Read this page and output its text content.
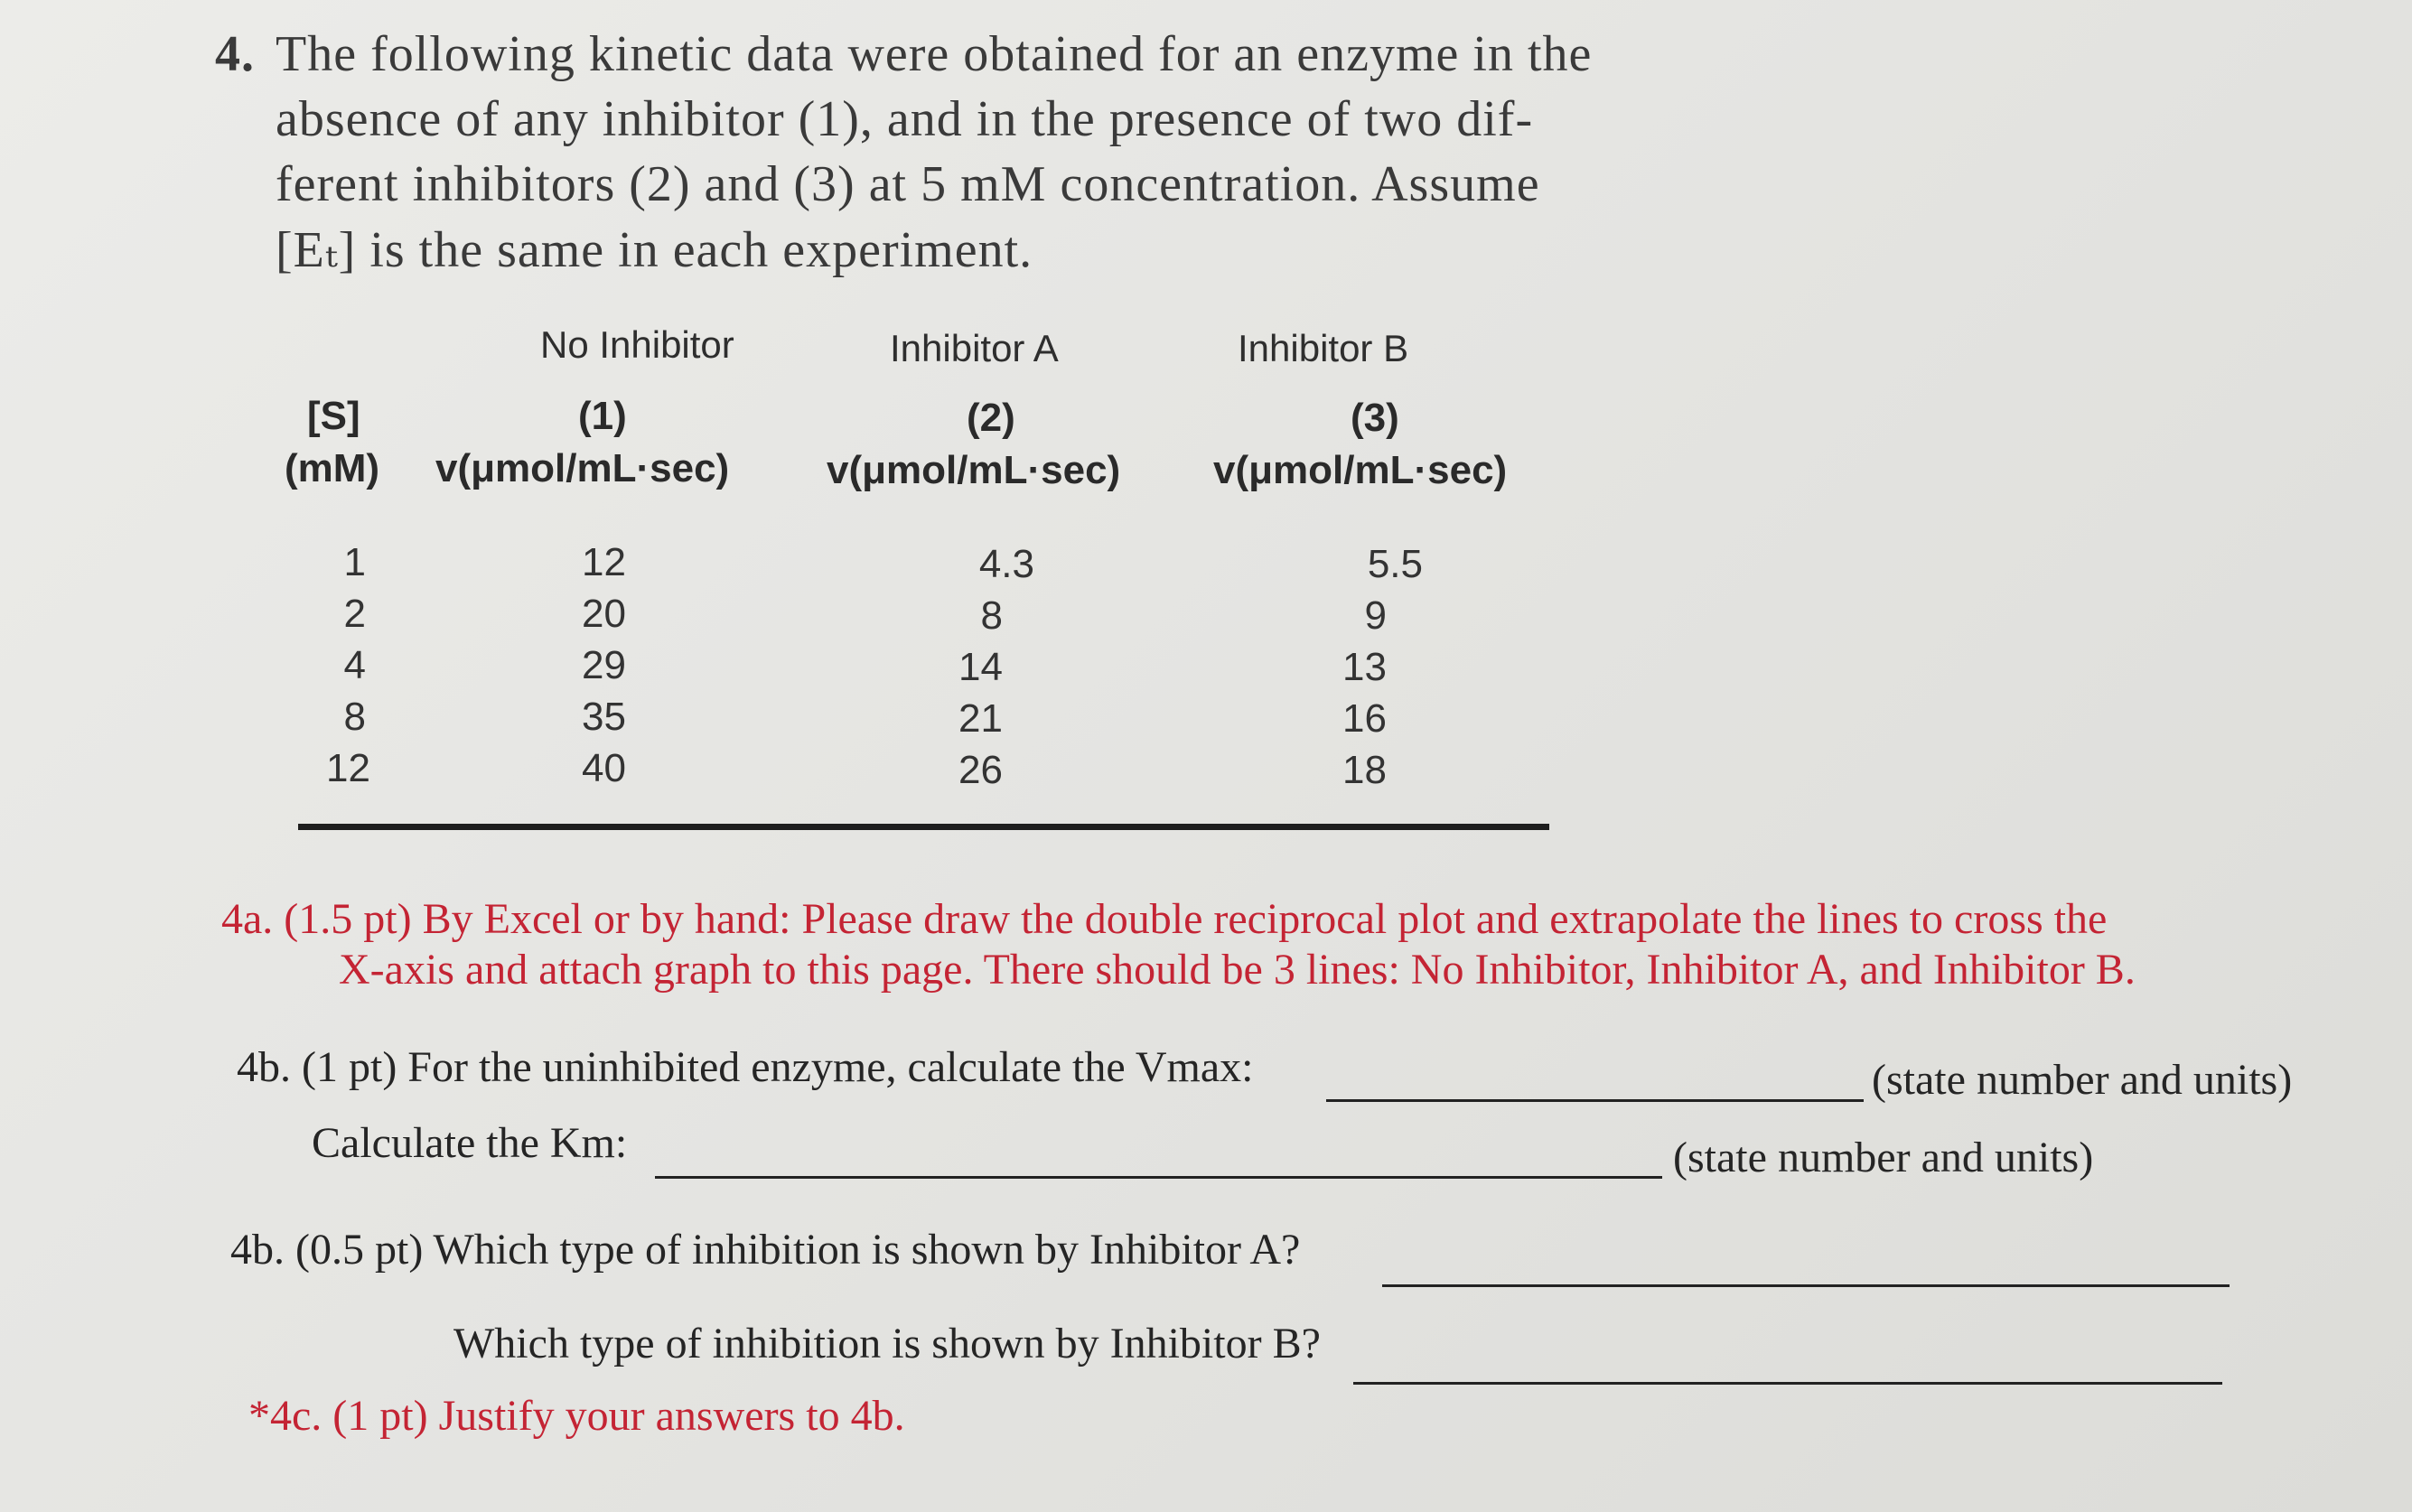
4. The following kinetic data were obtained for an enzyme in the
absence of any inhibitor (1), and in the presence of two dif-
ferent inhibitors (2) and (3) at 5 mM concentration. Assume
[Eₜ] is the same in each experiment.
No Inhibitor	Inhibitor A	Inhibitor B
[S]
(mM)
(1)	(2)	(3)
v(μmol/mL·sec) v(μmol/mL·sec) v(μmol/mL·sec)
1	12	4.3	5.5
2	20	8	9
4	29	14	13
8	35	21	16
12	40	26	18
4a. (1.5 pt) By Excel or by hand: Please draw the double reciprocal plot and extrapolate the lines to cross the
X-axis and attach graph to this page. There should be 3 lines: No Inhibitor, Inhibitor A, and Inhibitor B.
4b. (1 pt) For the uninhibited enzyme, calculate the Vmax:	(state number and units)
Calculate the Km:	(state number and units)
4b. (0.5 pt) Which type of inhibition is shown by Inhibitor A?
Which type of inhibition is shown by Inhibitor B?
*4c. (1 pt) Justify your answers to 4b.
